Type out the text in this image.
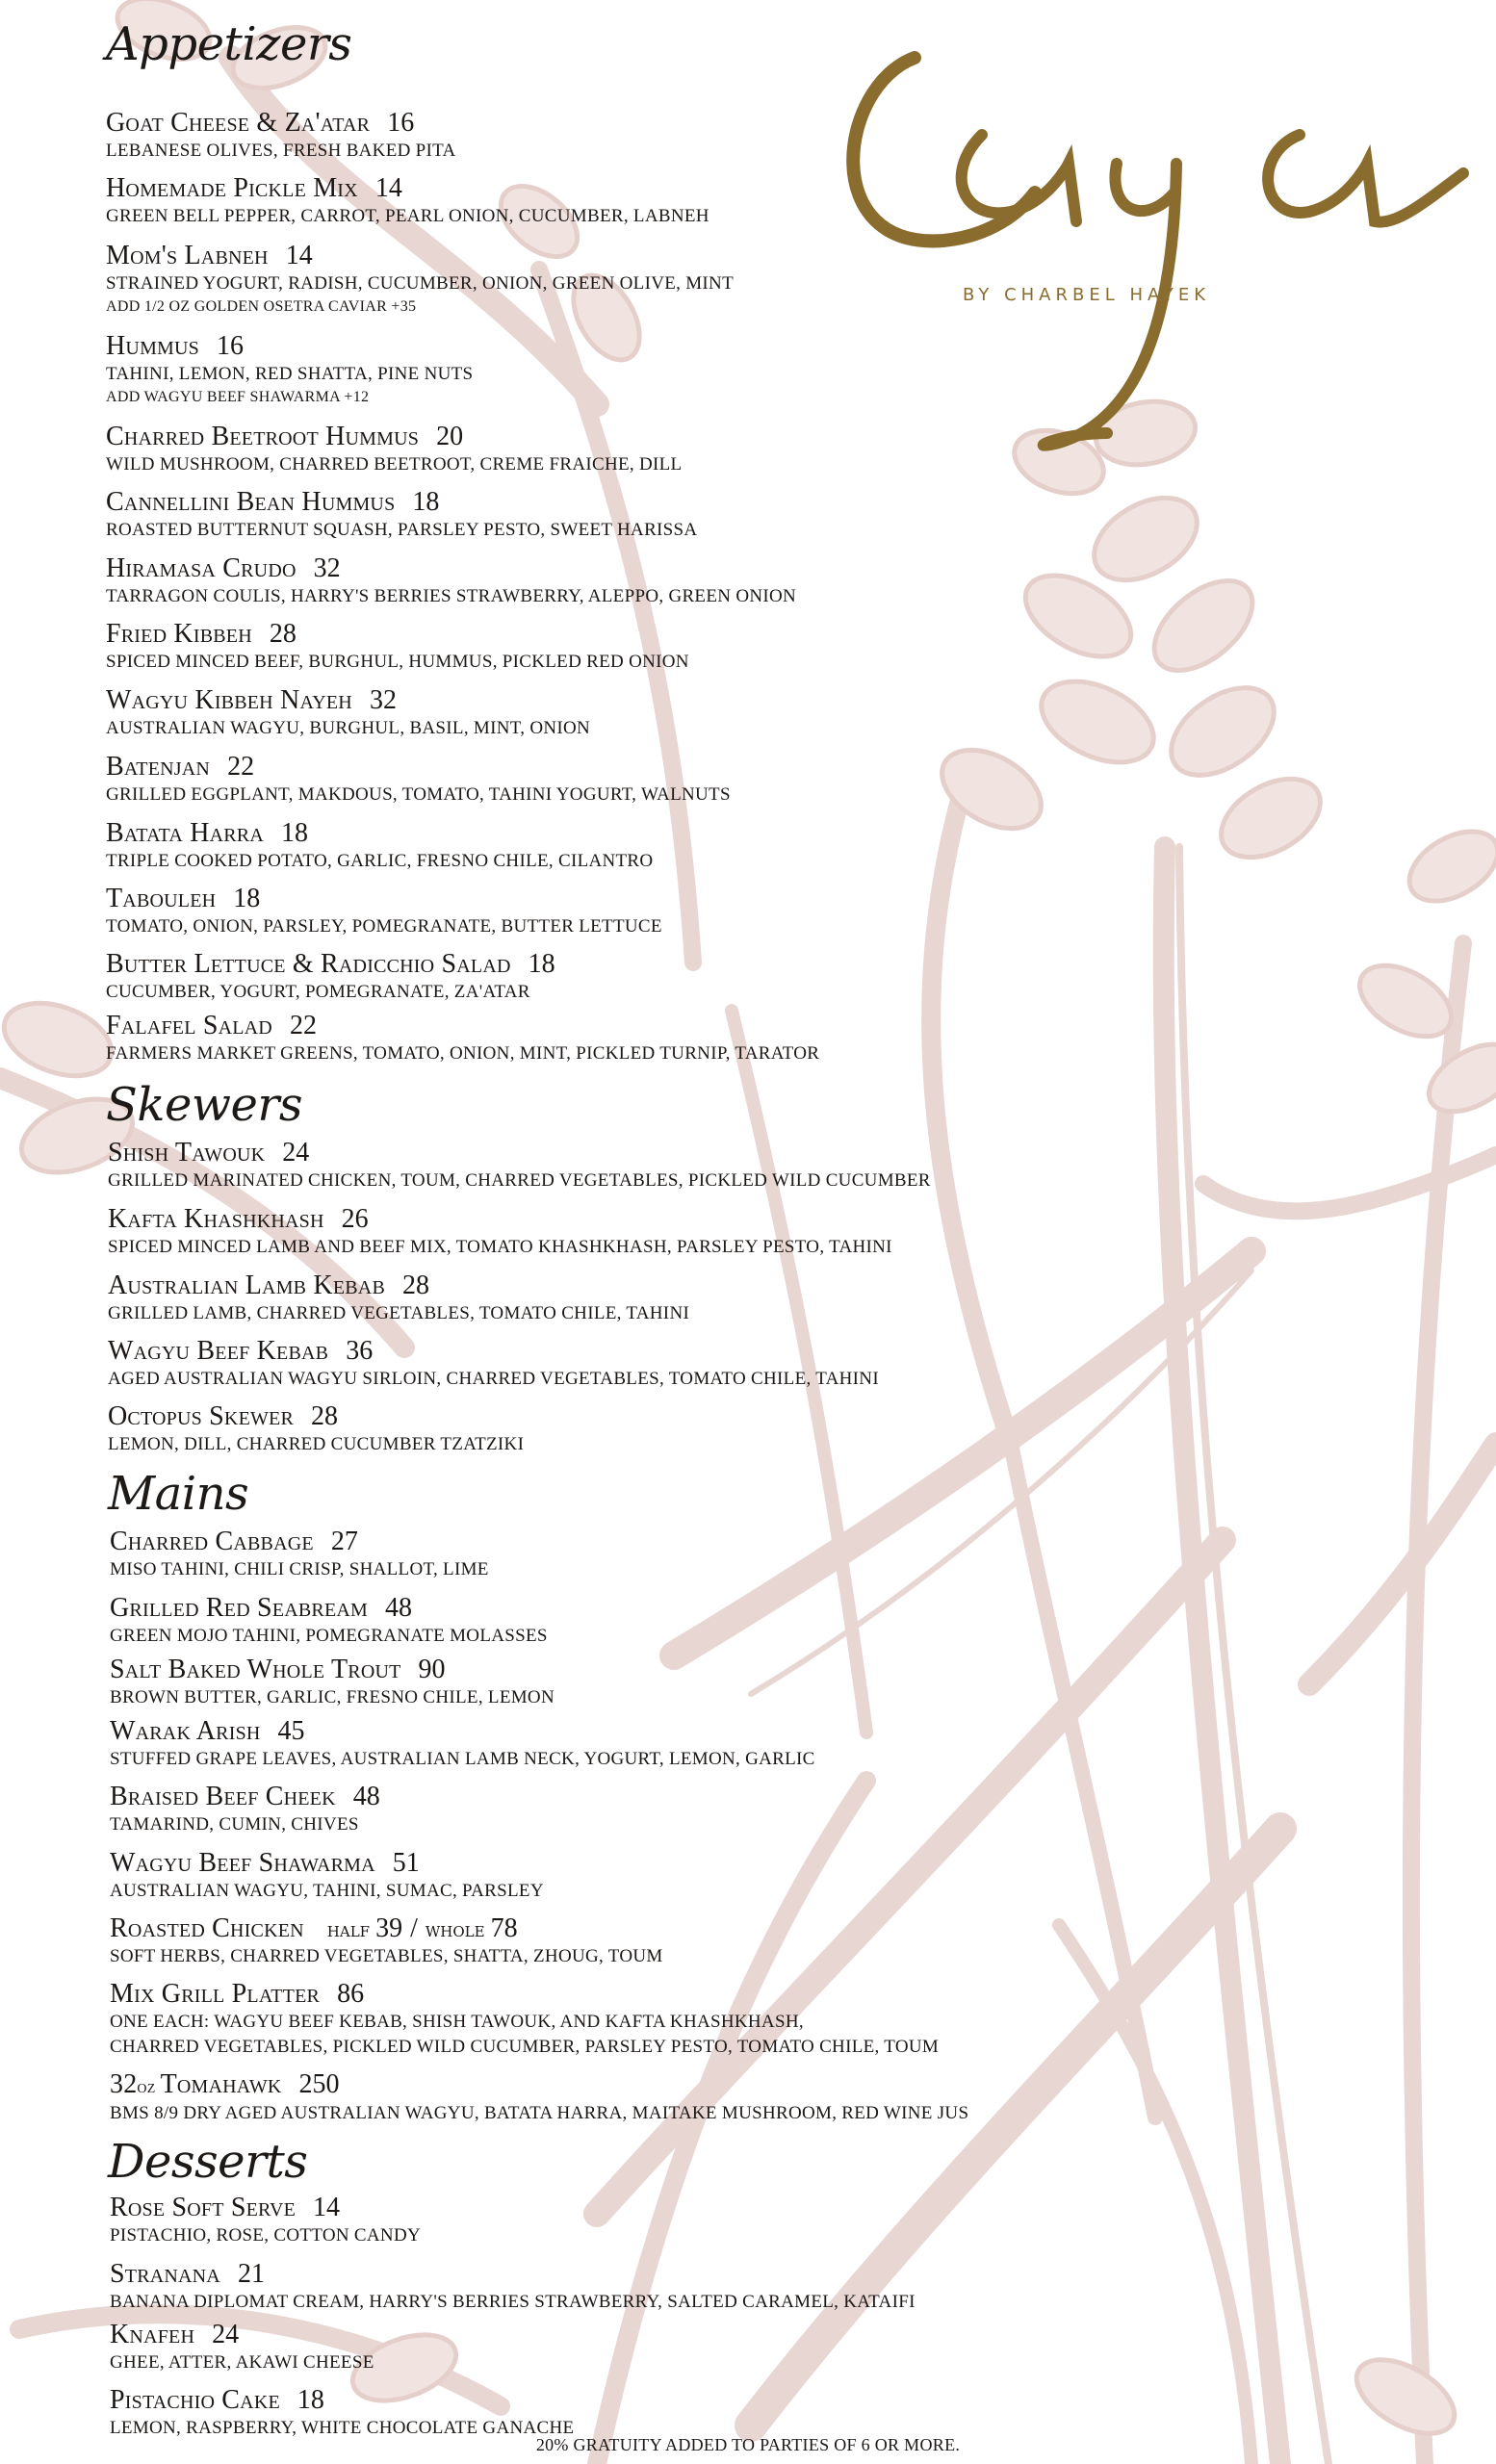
BY CHARBEL HAYEK
Appetizers
Goat Cheese & Za'atar 16
LEBANESE OLIVES, FRESH BAKED PITA
Homemade Pickle Mix 14
GREEN BELL PEPPER, CARROT, PEARL ONION, CUCUMBER, LABNEH
Mom's Labneh 14
STRAINED YOGURT, RADISH, CUCUMBER, ONION, GREEN OLIVE, MINT
ADD 1/2 OZ GOLDEN OSETRA CAVIAR +35
Hummus 16
TAHINI, LEMON, RED SHATTA, PINE NUTS
ADD WAGYU BEEF SHAWARMA +12
Charred Beetroot Hummus 20
WILD MUSHROOM, CHARRED BEETROOT, CREME FRAICHE, DILL
Cannellini Bean Hummus 18
ROASTED BUTTERNUT SQUASH, PARSLEY PESTO, SWEET HARISSA
Hiramasa Crudo 32
TARRAGON COULIS, HARRY'S BERRIES STRAWBERRY, ALEPPO, GREEN ONION
Fried Kibbeh 28
SPICED MINCED BEEF, BURGHUL, HUMMUS, PICKLED RED ONION
Wagyu Kibbeh Nayeh 32
AUSTRALIAN WAGYU, BURGHUL, BASIL, MINT, ONION
Batenjan 22
GRILLED EGGPLANT, MAKDOUS, TOMATO, TAHINI YOGURT, WALNUTS
Batata Harra 18
TRIPLE COOKED POTATO, GARLIC, FRESNO CHILE, CILANTRO
Tabouleh 18
TOMATO, ONION, PARSLEY, POMEGRANATE, BUTTER LETTUCE
Butter Lettuce & Radicchio Salad 18
CUCUMBER, YOGURT, POMEGRANATE, ZA'ATAR
Falafel Salad 22
FARMERS MARKET GREENS, TOMATO, ONION, MINT, PICKLED TURNIP, TARATOR
Skewers
Shish Tawouk 24
GRILLED MARINATED CHICKEN, TOUM, CHARRED VEGETABLES, PICKLED WILD CUCUMBER
Kafta Khashkhash 26
SPICED MINCED LAMB AND BEEF MIX, TOMATO KHASHKHASH, PARSLEY PESTO, TAHINI
Australian Lamb Kebab 28
GRILLED LAMB, CHARRED VEGETABLES, TOMATO CHILE, TAHINI
Wagyu Beef Kebab 36
AGED AUSTRALIAN WAGYU SIRLOIN, CHARRED VEGETABLES, TOMATO CHILE, TAHINI
Octopus Skewer 28
LEMON, DILL, CHARRED CUCUMBER TZATZIKI
Mains
Charred Cabbage 27
MISO TAHINI, CHILI CRISP, SHALLOT, LIME
Grilled Red Seabream 48
GREEN MOJO TAHINI, POMEGRANATE MOLASSES
Salt Baked Whole Trout 90
BROWN BUTTER, GARLIC, FRESNO CHILE, LEMON
Warak Arish 45
STUFFED GRAPE LEAVES, AUSTRALIAN LAMB NECK, YOGURT, LEMON, GARLIC
Braised Beef Cheek 48
TAMARIND, CUMIN, CHIVES
Wagyu Beef Shawarma 51
AUSTRALIAN WAGYU, TAHINI, SUMAC, PARSLEY
Roasted Chicken half 39 / whole 78
SOFT HERBS, CHARRED VEGETABLES, SHATTA, ZHOUG, TOUM
Mix Grill Platter 86
ONE EACH: WAGYU BEEF KEBAB, SHISH TAWOUK, AND KAFTA KHASHKHASH,
CHARRED VEGETABLES, PICKLED WILD CUCUMBER, PARSLEY PESTO, TOMATO CHILE, TOUM
32oz Tomahawk 250
BMS 8/9 DRY AGED AUSTRALIAN WAGYU, BATATA HARRA, MAITAKE MUSHROOM, RED WINE JUS
Desserts
Rose Soft Serve 14
PISTACHIO, ROSE, COTTON CANDY
Stranana 21
BANANA DIPLOMAT CREAM, HARRY'S BERRIES STRAWBERRY, SALTED CARAMEL, KATAIFI
Knafeh 24
GHEE, ATTER, AKAWI CHEESE
Pistachio Cake 18
LEMON, RASPBERRY, WHITE CHOCOLATE GANACHE
20% GRATUITY ADDED TO PARTIES OF 6 OR MORE.
